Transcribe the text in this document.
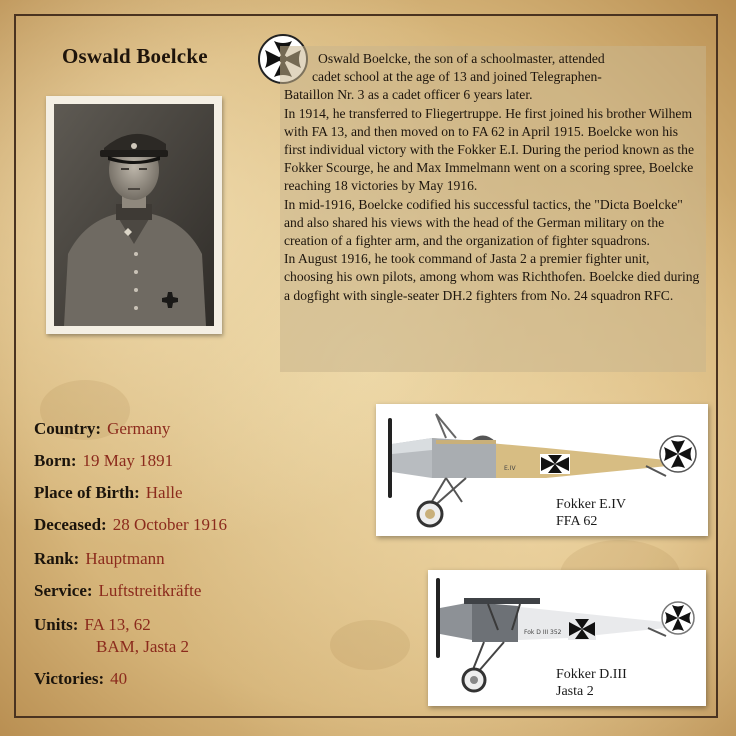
Oswald Boelcke	Oswald Boelcke, the son of a schoolmaster, attended

cadet school at the age of 13 and joined Telegraphen-

Bataillon Nr. 3 as a cadet officer 6 years later.

In 1914, he transferred to Fliegertruppe. He first joined his brother Wilhem with FA 13, and then moved on to FA 62 in April 1915. Boelcke won his first individual victory with the Fokker E.I. During the period known as the Fokker Scourge, he and Max Immelmann went on a scoring spree, Boelcke reaching 18 victories by May 1916.

In mid-1916, Boelcke codified his successful tactics, the "Dicta Boelcke" and also shared his views with the head of the German military on the creation of a fighter arm, and the organization of fighter squadrons.

In August 1916, he took command of Jasta 2 a premier fighter unit, choosing his own pilots, among whom was Richthofen. Boelcke died during a dogfight with single-seater DH.2 fighters from No. 24 squadron RFC.

Country: Germany
Born: 19 May 1891
Place of Birth: Halle
Deceased: 28 October 1916
Rank: Hauptmann
Service: Luftstreitkräfte
Units: FA 13, 62
BAM, Jasta 2
Victories: 40
E.IV
Fokker E.IV
FFA 62
Fok D III 352
Fokker D.III
Jasta 2
